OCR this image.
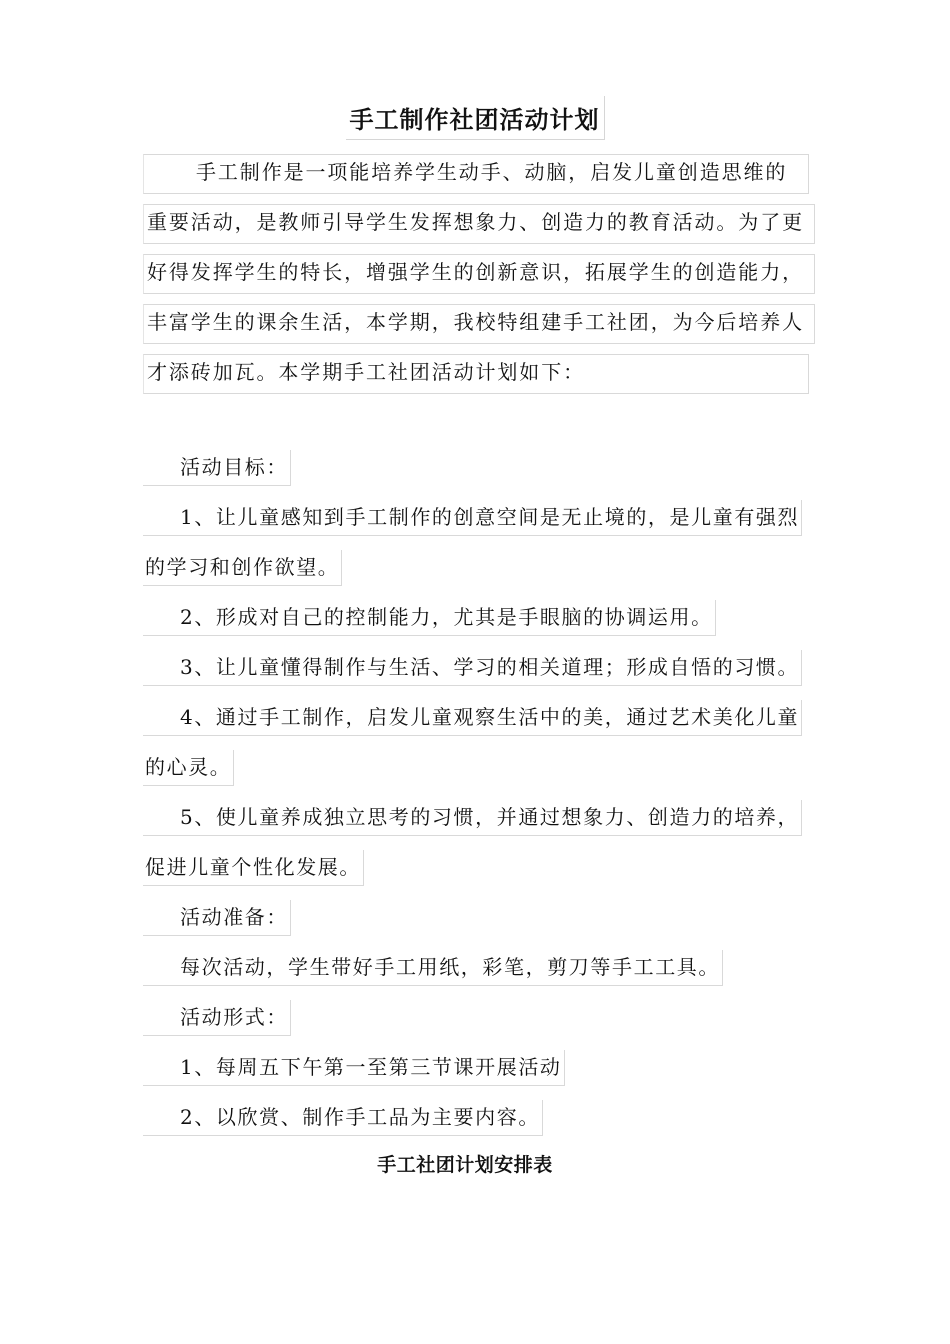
手工制作社团活动计划
手工制作是一项能培养学生动手、动脑，启发儿童创造思维的
重要活动，是教师引导学生发挥想象力、创造力的教育活动。为了更
好得发挥学生的特长，增强学生的创新意识，拓展学生的创造能力，
丰富学生的课余生活，本学期，我校特组建手工社团，为今后培养人
才添砖加瓦。本学期手工社团活动计划如下：
活动目标：
1、让儿童感知到手工制作的创意空间是无止境的，是儿童有强烈
的学习和创作欲望。
2、形成对自己的控制能力，尤其是手眼脑的协调运用。
3、让儿童懂得制作与生活、学习的相关道理；形成自悟的习惯。
4、通过手工制作，启发儿童观察生活中的美，通过艺术美化儿童
的心灵。
5、使儿童养成独立思考的习惯，并通过想象力、创造力的培养，
促进儿童个性化发展。
活动准备：
每次活动，学生带好手工用纸，彩笔，剪刀等手工工具。
活动形式：
1、每周五下午第一至第三节课开展活动
2、以欣赏、制作手工品为主要内容。
手工社团计划安排表
